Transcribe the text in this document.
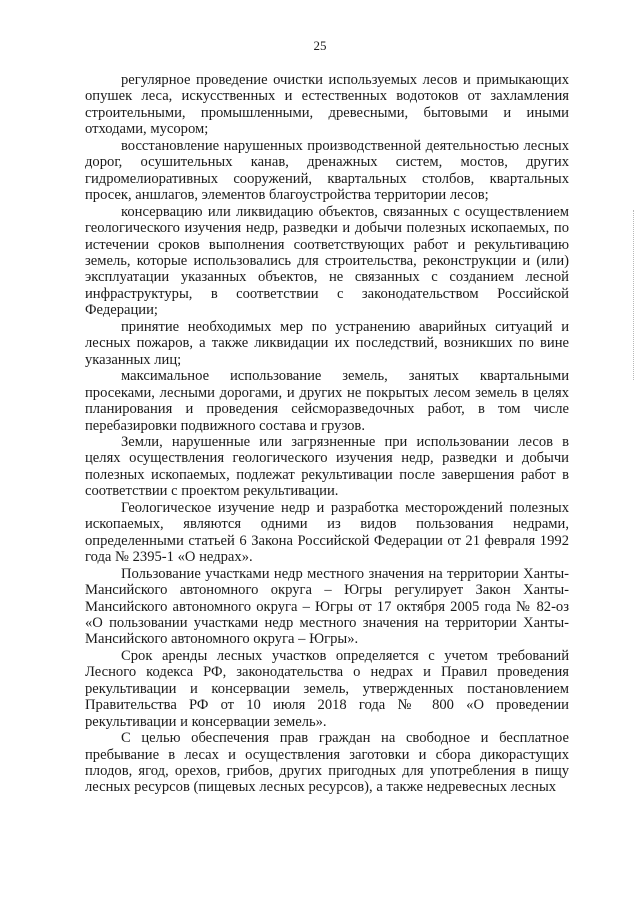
25

регулярное проведение очистки используемых лесов и примыкающих опушек леса, искусственных и естественных водотоков от захламления строительными, промышленными, древесными, бытовыми и иными отходами, мусором;

восстановление нарушенных производственной деятельностью лесных дорог, осушительных канав, дренажных систем, мостов, других гидромелиоративных сооружений, квартальных столбов, квартальных просек, аншлагов, элементов благоустройства территории лесов;

консервацию или ликвидацию объектов, связанных с осуществлением геологического изучения недр, разведки и добычи полезных ископаемых, по истечении сроков выполнения соответствующих работ и рекультивацию земель, которые использовались для строительства, реконструкции и (или) эксплуатации указанных объектов, не связанных с созданием лесной инфраструктуры, в соответствии с законодательством Российской Федерации;

принятие необходимых мер по устранению аварийных ситуаций и лесных пожаров, а также ликвидации их последствий, возникших по вине указанных лиц;

максимальное использование земель, занятых квартальными просеками, лесными дорогами, и других не покрытых лесом земель в целях планирования и проведения сейсморазведочных работ, в том числе перебазировки подвижного состава и грузов.

Земли, нарушенные или загрязненные при использовании лесов в целях осуществления геологического изучения недр, разведки и добычи полезных ископаемых, подлежат рекультивации после завершения работ в соответствии с проектом рекультивации.

Геологическое изучение недр и разработка месторождений полезных ископаемых, являются одними из видов пользования недрами, определенными статьей 6 Закона Российской Федерации от 21 февраля 1992 года № 2395-1 «О недрах».

Пользование участками недр местного значения на территории Ханты-Мансийского автономного округа – Югры регулирует Закон Ханты-Мансийского автономного округа – Югры от 17 октября 2005 года № 82-оз «О пользовании участками недр местного значения на территории Ханты-Мансийского автономного округа – Югры».

Срок аренды лесных участков определяется с учетом требований Лесного кодекса РФ, законодательства о недрах и Правил проведения рекультивации и консервации земель, утвержденных постановлением Правительства РФ от 10 июля 2018 года № 800 «О проведении рекультивации и консервации земель».

С целью обеспечения прав граждан на свободное и бесплатное пребывание в лесах и осуществления заготовки и сбора дикорастущих плодов, ягод, орехов, грибов, других пригодных для употребления в пищу лесных ресурсов (пищевых лесных ресурсов), а также недревесных лесных
